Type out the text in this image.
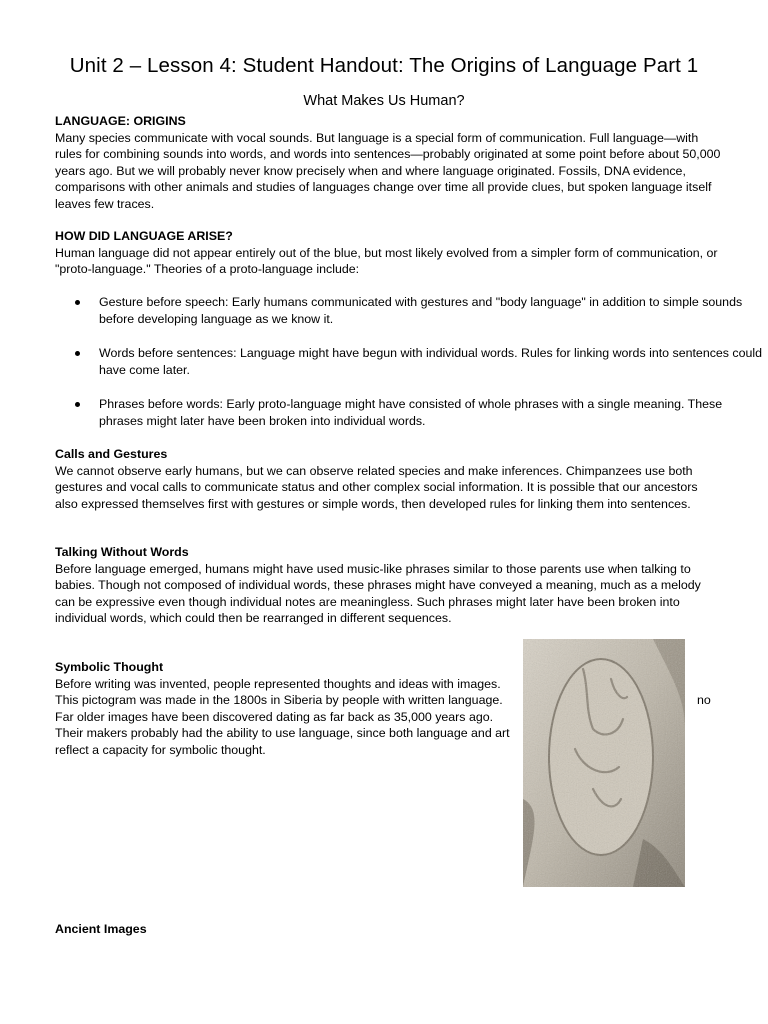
Unit 2 – Lesson 4: Student Handout: The Origins of Language Part 1
What Makes Us Human?
LANGUAGE: ORIGINS
Many species communicate with vocal sounds. But language is a special form of communication. Full language—with rules for combining sounds into words, and words into sentences—probably originated at some point before about 50,000 years ago. But we will probably never know precisely when and where language originated. Fossils, DNA evidence, comparisons with other animals and studies of languages change over time all provide clues, but spoken language itself leaves few traces.
HOW DID LANGUAGE ARISE?
Human language did not appear entirely out of the blue, but most likely evolved from a simpler form of communication, or "proto-language." Theories of a proto-language include:
Gesture before speech: Early humans communicated with gestures and "body language" in addition to simple sounds before developing language as we know it.
Words before sentences: Language might have begun with individual words. Rules for linking words into sentences could have come later.
Phrases before words: Early proto-language might have consisted of whole phrases with a single meaning. These phrases might later have been broken into individual words.
Calls and Gestures
We cannot observe early humans, but we can observe related species and make inferences. Chimpanzees use both gestures and vocal calls to communicate status and other complex social information. It is possible that our ancestors also expressed themselves first with gestures or simple words, then developed rules for linking them into sentences.
Talking Without Words
Before language emerged, humans might have used music-like phrases similar to those parents use when talking to babies. Though not composed of individual words, these phrases might have conveyed a meaning, much as a melody can be expressive even though individual notes are meaningless. Such phrases might later have been broken into individual words, which could then be rearranged in different sequences.
Symbolic Thought
Before writing was invented, people represented thoughts and ideas with images. This pictogram was made in the 1800s in Siberia by people with written language. Far older images have been discovered dating as far back as 35,000 years ago. Their makers probably had the ability to use language, since both language and art reflect a capacity for symbolic thought.
no
Ancient Images
